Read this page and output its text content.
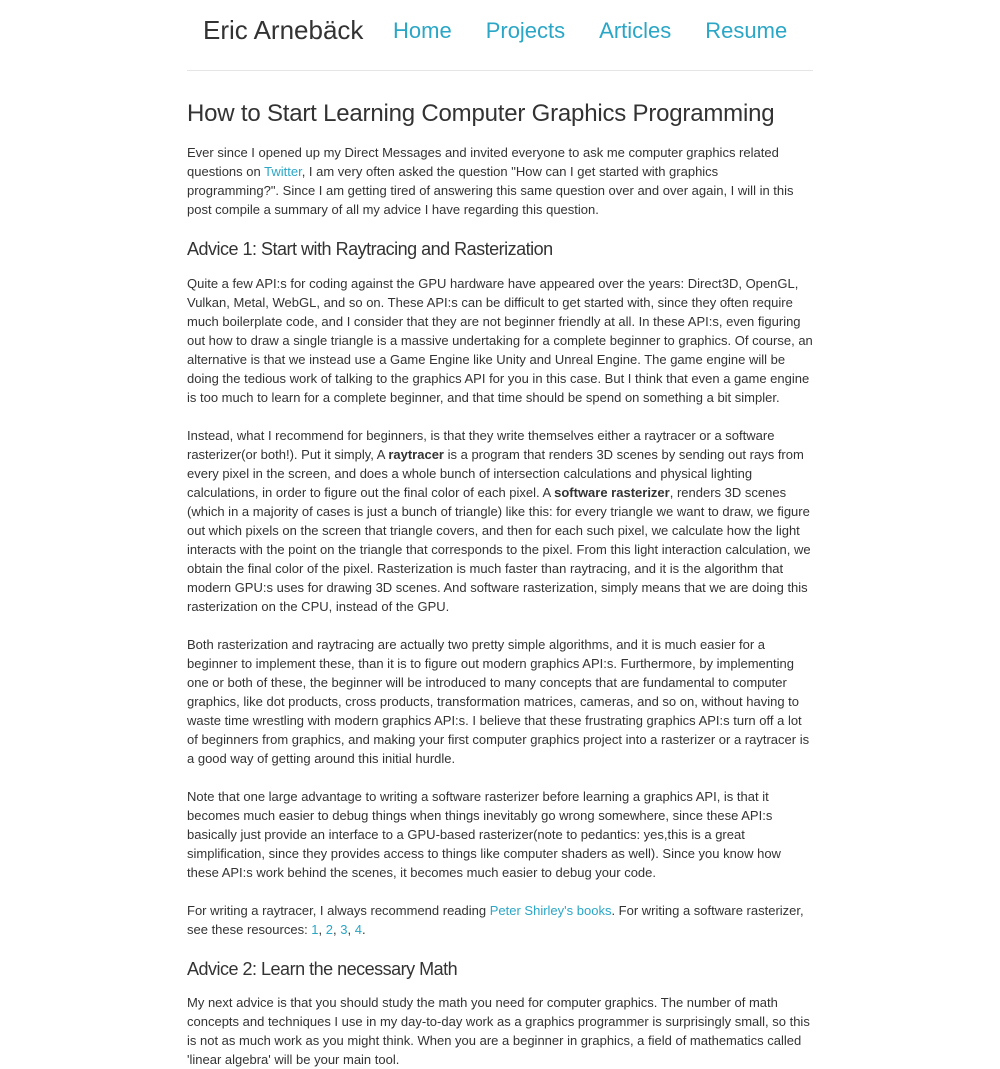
Eric Arnebäck Home Projects Articles Resume
How to Start Learning Computer Graphics Programming

Ever since I opened up my Direct Messages and invited everyone to ask me computer graphics related questions on Twitter, I am very often asked the question "How can I get started with graphics programming?". Since I am getting tired of answering this same question over and over again, I will in this post compile a summary of all my advice I have regarding this question.

Advice 1: Start with Raytracing and Rasterization

Quite a few API:s for coding against the GPU hardware have appeared over the years: Direct3D, OpenGL, Vulkan, Metal, WebGL, and so on. These API:s can be difficult to get started with, since they often require much boilerplate code, and I consider that they are not beginner friendly at all. In these API:s, even figuring out how to draw a single triangle is a massive undertaking for a complete beginner to graphics. Of course, an alternative is that we instead use a Game Engine like Unity and Unreal Engine. The game engine will be doing the tedious work of talking to the graphics API for you in this case. But I think that even a game engine is too much to learn for a complete beginner, and that time should be spend on something a bit simpler.

Instead, what I recommend for beginners, is that they write themselves either a raytracer or a software rasterizer(or both!). Put it simply, A raytracer is a program that renders 3D scenes by sending out rays from every pixel in the screen, and does a whole bunch of intersection calculations and physical lighting calculations, in order to figure out the final color of each pixel. A software rasterizer, renders 3D scenes (which in a majority of cases is just a bunch of triangle) like this: for every triangle we want to draw, we figure out which pixels on the screen that triangle covers, and then for each such pixel, we calculate how the light interacts with the point on the triangle that corresponds to the pixel. From this light interaction calculation, we obtain the final color of the pixel. Rasterization is much faster than raytracing, and it is the algorithm that modern GPU:s uses for drawing 3D scenes. And software rasterization, simply means that we are doing this rasterization on the CPU, instead of the GPU.

Both rasterization and raytracing are actually two pretty simple algorithms, and it is much easier for a beginner to implement these, than it is to figure out modern graphics API:s. Furthermore, by implementing one or both of these, the beginner will be introduced to many concepts that are fundamental to computer graphics, like dot products, cross products, transformation matrices, cameras, and so on, without having to waste time wrestling with modern graphics API:s. I believe that these frustrating graphics API:s turn off a lot of beginners from graphics, and making your first computer graphics project into a rasterizer or a raytracer is a good way of getting around this initial hurdle.

Note that one large advantage to writing a software rasterizer before learning a graphics API, is that it becomes much easier to debug things when things inevitably go wrong somewhere, since these API:s basically just provide an interface to a GPU-based rasterizer(note to pedantics: yes,this is a great simplification, since they provides access to things like computer shaders as well). Since you know how these API:s work behind the scenes, it becomes much easier to debug your code.

For writing a raytracer, I always recommend reading Peter Shirley's books. For writing a software rasterizer, see these resources: 1, 2, 3, 4.

Advice 2: Learn the necessary Math

My next advice is that you should study the math you need for computer graphics. The number of math concepts and techniques I use in my day-to-day work as a graphics programmer is surprisingly small, so this is not as much work as you might think. When you are a beginner in graphics, a field of mathematics called 'linear algebra' will be your main tool.
